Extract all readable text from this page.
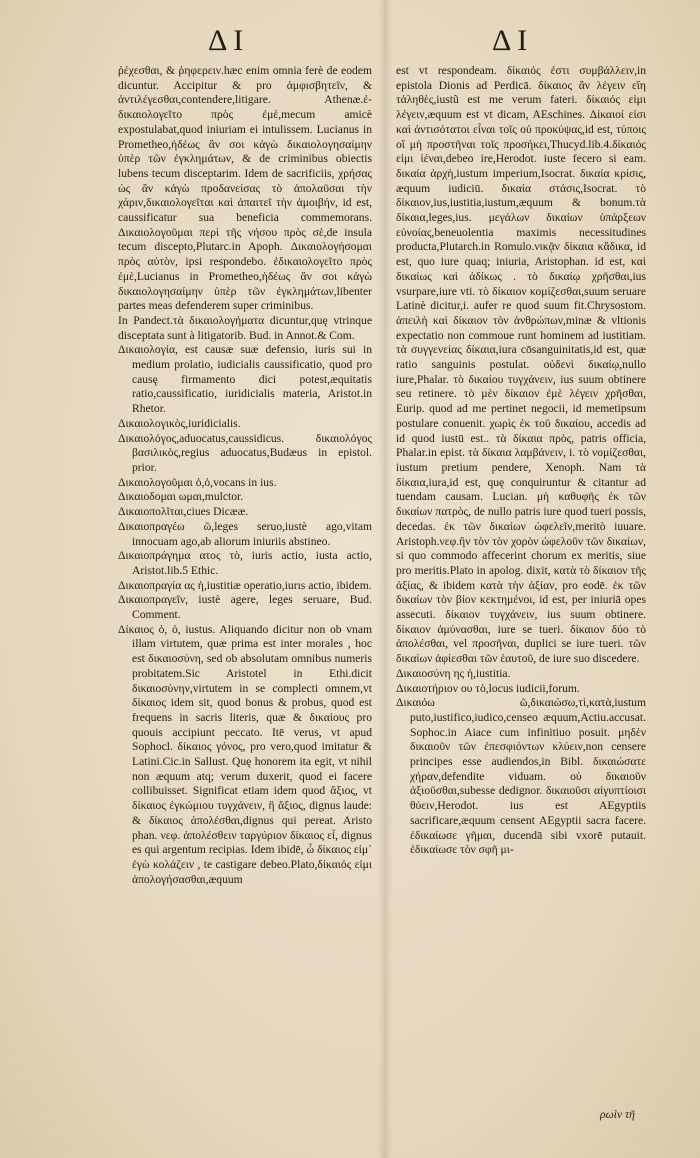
ΔΙ	ΔΙ

ῥέχεσθαι, & ῥηφερειν.hæc enim omnia ferè de eodem dicuntur. Accipitur & pro ἀμφισβητεῖν, & ἀντιλέγεσθαι,contendere,litigare. Athenæ.ἐ-δικαιολογεῖτο πρὸς ἐμὲ,mecum amicè expostulabat,quod iniuriam ei intulissem. Lucianus in Prometheo,ἡδέως ἂν σοι κἀγὼ δικαιολογησαίμην ὑπὲρ τῶν ἐγκλημάτων, & de criminibus obiectis lubens tecum disceptarim. Idem de sacrificiis, χρήσας ὡς ἂν κἀγὼ προδανείσας τὸ ἀπολαῦσαι τὴν χάριν,δικαιολογεῖται καὶ ἀπαιτεῖ τὴν ἀμοιβήν, id est, caussificatur sua beneficia commemorans. Δικαιολογοῦμαι περὶ τῆς νήσου πρὸς σὲ,de insula tecum discepto,Plutarc.in Apoph. Δικαιολογήσομαι πρὸς αὐτὸν, ipsi respondebo. ἐδικαιολογεῖτο πρὸς ἐμὲ,Lucianus in Prometheo,ἡδέως ἂν σοι κἀγὼ δικαιολογησαίμην ὑπὲρ τῶν ἐγκλημάτων,libenter partes meas defenderem super criminibus.

In Pandect.τὰ δικαιολογήματα dicuntur,quę vtrinque disceptata sunt à litigatorib. Bud. in Annot.& Com.

Δικαιολογία, est causæ suæ defensio, iuris sui in medium prolatio, iudicialis caussificatio, quod pro causę firmamento dici potest,æquitatis ratio,caussificatio, iuridicialis materia, Aristot.in Rhetor.

Δικαιολογικὸς,iuridicialis.

Δικαιολόγος,aduocatus,caussidicus. δικαιολόγος βασιλικὸς,regius aduocatus,Budæus in epistol. prior.

Δικαιολογοῦμαι ὁ,ὁ,vocans in ius.

Δικαιοδομαι ωμαι,mulctor.

Δικαιοπολῖται,ciues Dicææ.

Δικαιοπραγέω ῶ,leges seruo,iustè ago,vitam innocuam ago,ab aliorum iniuriis abstineo.

Δικαιοπράγημα ατος τὸ, iuris actio, iusta actio, Aristot.lib.5 Ethic.

Δικαιοπραγία ας ἡ,iustitiæ operatio,iurıs actio, ibidem.

Δικαιοπραγεῖν, iustè agere, leges seruare, Bud. Comment.

Δίκαιος ὁ, ὁ, iustus. Aliquando dicitur non ob vnam illam virtutem, quæ prima est inter morales , hoc est δικαιοσύνη, sed ob absolutam omnibus numeris probitatem.Sic Aristotel in Ethi.dicit δικαιοσύνην,virtutem in se complecti omnem,vt δίκαιος idem sit, quod bonus & probus, quod est frequens in sacris literis, quæ & δικαίους pro quouis accipiunt peccato. Itē verus, vt apud Sophocl. δίκαιος γόνος, pro vero,quod imitatur & Latini.Cic.in Sallust. Quę honorem ita egit, vt nihil non æquum atq; verum duxerit, quod ei facere collibuisset. Significat etiam idem quod ἄξιος, vt δίκαιος ἐγκώμιου τυγχάνειν, ἢ ἄξιος, dignus laude: & δίκαιος ἀπολέσθαι,dignus qui pereat. Aristo phan. νεφ. ἀπολέσθειν ταργύριον δίκαιος εἶ, dignus es qui argentum recipias. Idem ibidē, ὦ δίκαιος εἰμ᾽ ἐγὼ κολάζειν , te castigare debeo.Plato,δίκαιός εἰμι ἀπολογήσασθαι,æquum

est vt respondeam. δίκαιός ἐστι συμβάλλειν,in epistola Dionis ad Perdicā. δίκαιος ἂν λέγειν εἴη τἀληθὲς,iustũ est me verum fateri. δίκαιός εἰμι λέγειν,æquum est vt dicam, AEschines. Δίκαιοί εἰσι καὶ ἀντισότατοι εἶναι τοῖς οὐ προκύψας,id est, τύποις οἵ μὴ προστῆναι τοῖς προσήκει,Thucyd.lib.4.δίκαιός εἰμι ἰέναι,debeo ire,Herodot. iuste fecero si eam. δικαία ἀρχὴ,iustum imperium,Isocrat. δικαία κρίσις, æquum iudiciū. δικαία στάσις,Isocrat. τὸ δίκαιον,ius,iustitia,iustum,æquum & bonum.τὰ δίκαια,leges,ius. μεγάλων δικαίων ὑπάρξεων εὐνοίας,beneuolentia maximis necessitudines producta,Plutarch.in Romulo.νικᾷν δίκαια κἄδικα, id est, quo iure quaq; iniuria, Aristophan. id est, καὶ δικαίως καὶ ἀδίκως . τὸ δικαίῳ χρῆσθαι,ius vsurpare,iure vti. τὸ δίκαιον κομίζεσθαι,suum seruare Latinè dicitur,i. aufer re quod suum fit.Chrysostom. ἀπειλὴ καὶ δίκαιον τὸν ἀνθρώπων,minæ & vltionis expectatio non commoue runt hominem ad iustitiam. τὰ συγγενείας δίκαια,iura cōsanguinitatis,id est, quæ ratio sanguinis postulat. οὐδενὶ δικαίῳ,nullo iure,Phalar. τὸ δικαίου τυγχάνειν, ius suum obtinere seu retinere. τὸ μὲν δίκαιον ἐμὲ λέγειν χρῆσθαι, Eurip. quod ad me pertinet negocii, id memetipsum postulare conuenit. χωρὶς ἐκ τοῦ δικαίου, accedis ad id quod iustū est.. τὰ δίκαια πρὸς, patris officia, Phalar.in epist. τὰ δίκαια λαμβάνειν, i. τὸ νομίζεσθαι, iustum pretium pendere, Xenoph. Nam τὰ δίκαια,iura,id est, quę conquiruntur & citantur ad tuendam causam. Lucian. μὴ καθυφῆς ἐκ τῶν δικαίων πατρὸς, de nullo patris iure quod tueri possis, decedas. ἐκ τῶν δικαίων ὠφελεῖν,meritò iuuare. Aristoph.νεφ.ἢν τὸν τὸν χορὸν ὠφελοῦν τῶν δικαίων, si quo commodo affecerint chorum ex meritis, siue pro meritis.Plato in apolog. dixit, κατὰ τὸ δίκαιον τῆς ἀξίας, & ibidem κατὰ τὴν ἀξίαν, pro eodē. ἐκ τῶν δικαίων τὸν βίον κεκτημένοι, id est, per iniuriā opes assecuti. δίκαιον τυγχάνειν, ius suum obtinere. δίκαιον ἀμύνασθαι, iure se tueri. δίκαιον δύο τὸ ἀπολέσθαι, vel προσῆναι, duplici se iure tueri. τῶν δικαίων ἀφίεσθαι τῶν ἑαυτοῦ, de iure suo discedere.

Δικαιοσύνη ης ἡ,iustitia.

Δικαιοτήριον ου τὸ,locus iudicii,forum.

Δικαιόω ῶ,δικαιώσω,τὶ,κατὰ,iustum puto,iustifico,iudico,censeo æquum,Actiu.accusat. Sophoc.in Aiace cum infinitiuo posuit. μηδὲν δικαιοῦν τῶν ἐπεσφιόντων κλύειν,non censere principes esse audiendos,in Bibl. δικαιώσατε χήραν,defendite viduam. οὐ δικαιοῦν ἀξιοῦσθαι,subesse dedignor. δικαιοῦσι αἰγυπτίοισι θύειν,Herodot. ius est AEgyptiis sacrificare,æquum censent AEgyptii sacra facere. ἐδικαίωσε γῆμαι, ducendā sibi vxorē putauit. ἐδικαίωσε τὸν σφῆ μι-

ρωὶν τῆ
